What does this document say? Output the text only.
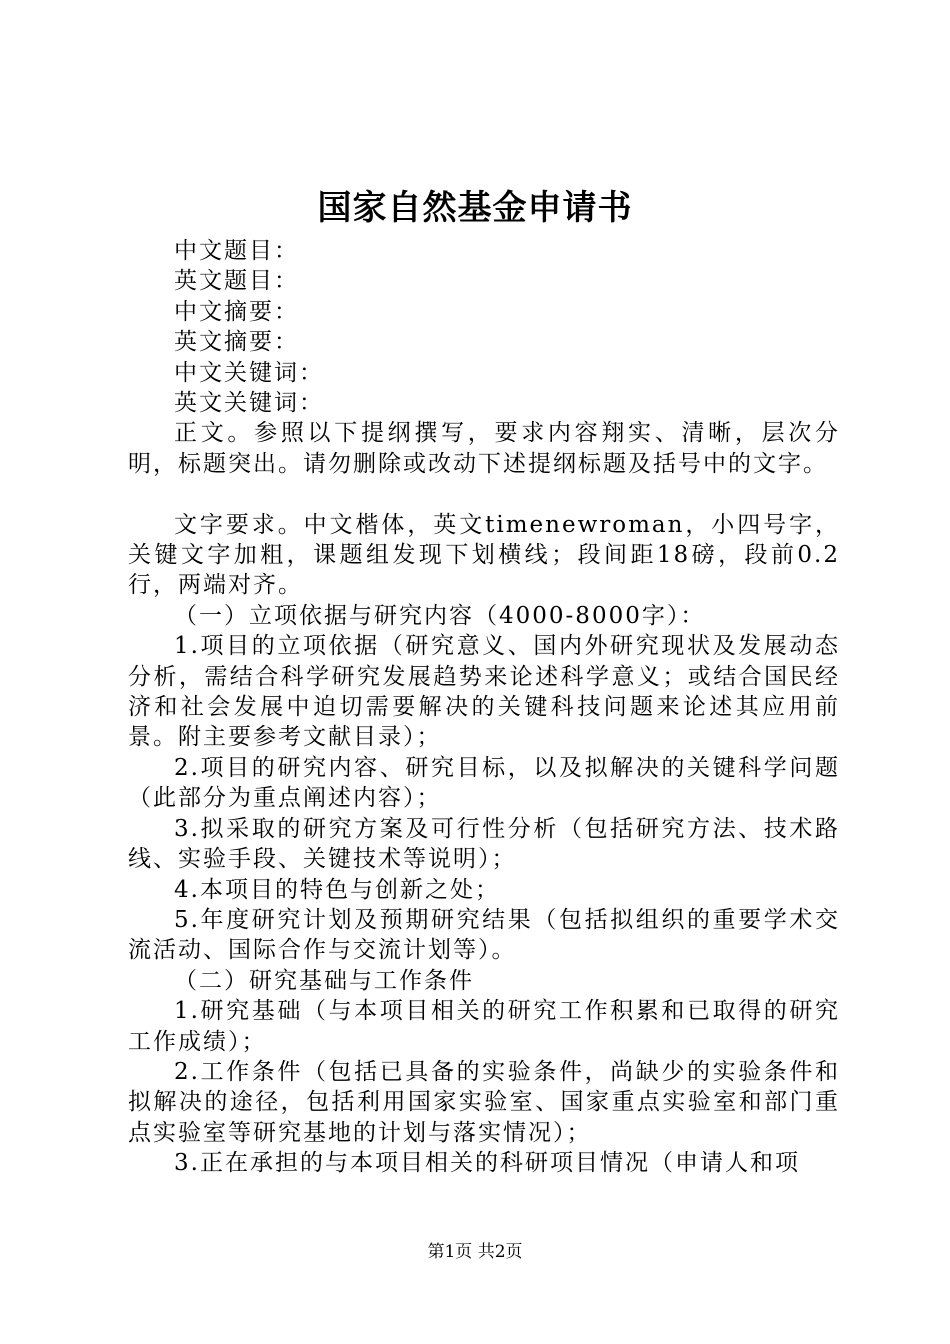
国家自然基金申请书

中文题目：

英文题目：

中文摘要：

英文摘要：

中文关键词：

英文关键词：

正文。参照以下提纲撰写，要求内容翔实、清晰，层次分明，标题突出。请勿删除或改动下述提纲标题及括号中的文字。

文字要求。中文楷体，英文timenewroman，小四号字，关键文字加粗，课题组发现下划横线；段间距18磅，段前0.2行，两端对齐。

（一）立项依据与研究内容（4000-8000字）：

1.项目的立项依据（研究意义、国内外研究现状及发展动态分析，需结合科学研究发展趋势来论述科学意义；或结合国民经济和社会发展中迫切需要解决的关键科技问题来论述其应用前景。附主要参考文献目录）；

2.项目的研究内容、研究目标，以及拟解决的关键科学问题（此部分为重点阐述内容）；

3.拟采取的研究方案及可行性分析（包括研究方法、技术路线、实验手段、关键技术等说明）；

4.本项目的特色与创新之处；

5.年度研究计划及预期研究结果（包括拟组织的重要学术交流活动、国际合作与交流计划等）。

（二）研究基础与工作条件

1.研究基础（与本项目相关的研究工作积累和已取得的研究工作成绩）；

2.工作条件（包括已具备的实验条件，尚缺少的实验条件和拟解决的途径，包括利用国家实验室、国家重点实验室和部门重点实验室等研究基地的计划与落实情况）；

3.正在承担的与本项目相关的科研项目情况（申请人和项

第1页 共2页
